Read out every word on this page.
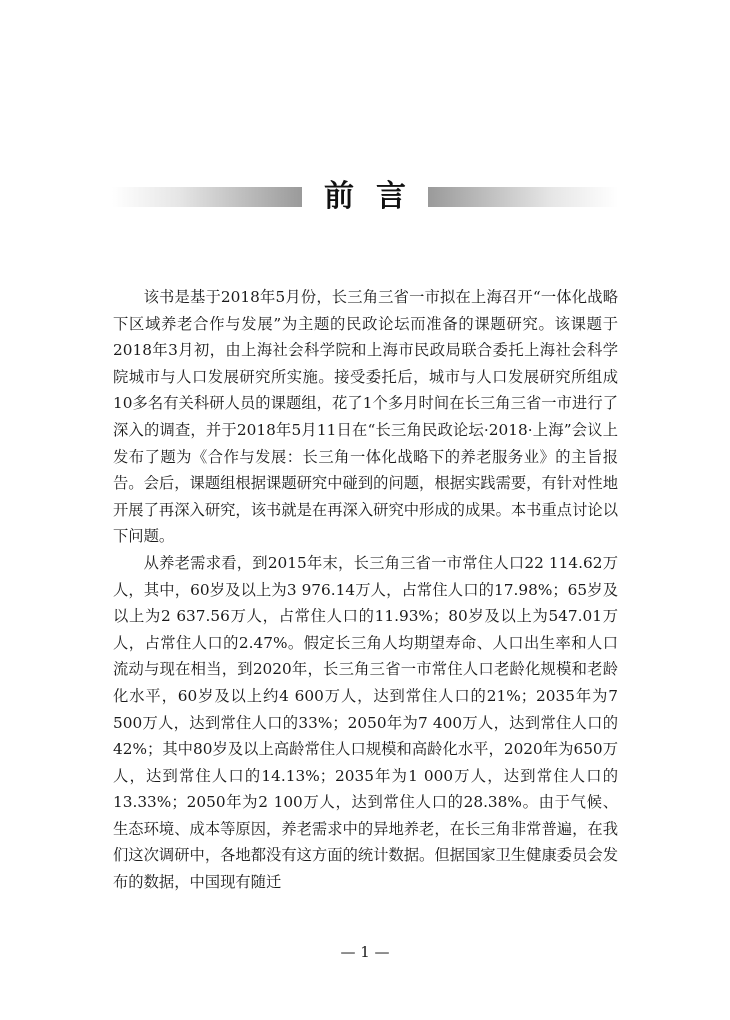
前言

该书是基于2018年5月份，长三角三省一市拟在上海召开“一体化战略下区域养老合作与发展”为主题的民政论坛而准备的课题研究。该课题于2018年3月初，由上海社会科学院和上海市民政局联合委托上海社会科学院城市与人口发展研究所实施。接受委托后，城市与人口发展研究所组成10多名有关科研人员的课题组，花了1个多月时间在长三角三省一市进行了深入的调查，并于2018年5月11日在“长三角民政论坛·2018·上海”会议上发布了题为《合作与发展：长三角一体化战略下的养老服务业》的主旨报告。会后，课题组根据课题研究中碰到的问题，根据实践需要，有针对性地开展了再深入研究，该书就是在再深入研究中形成的成果。本书重点讨论以下问题。

从养老需求看，到2015年末，长三角三省一市常住人口22 114.62万人，其中，60岁及以上为3 976.14万人，占常住人口的17.98%；65岁及以上为2 637.56万人，占常住人口的11.93%；80岁及以上为547.01万人，占常住人口的2.47%。假定长三角人均期望寿命、人口出生率和人口流动与现在相当，到2020年，长三角三省一市常住人口老龄化规模和老龄化水平，60岁及以上约4 600万人，达到常住人口的21%；2035年为7 500万人，达到常住人口的33%；2050年为7 400万人，达到常住人口的42%；其中80岁及以上高龄常住人口规模和高龄化水平，2020年为650万人，达到常住人口的14.13%；2035年为1 000万人，达到常住人口的13.33%；2050年为2 100万人，达到常住人口的28.38%。由于气候、生态环境、成本等原因，养老需求中的异地养老，在长三角非常普遍，在我们这次调研中，各地都没有这方面的统计数据。但据国家卫生健康委员会发布的数据，中国现有随迁

— 1 —
